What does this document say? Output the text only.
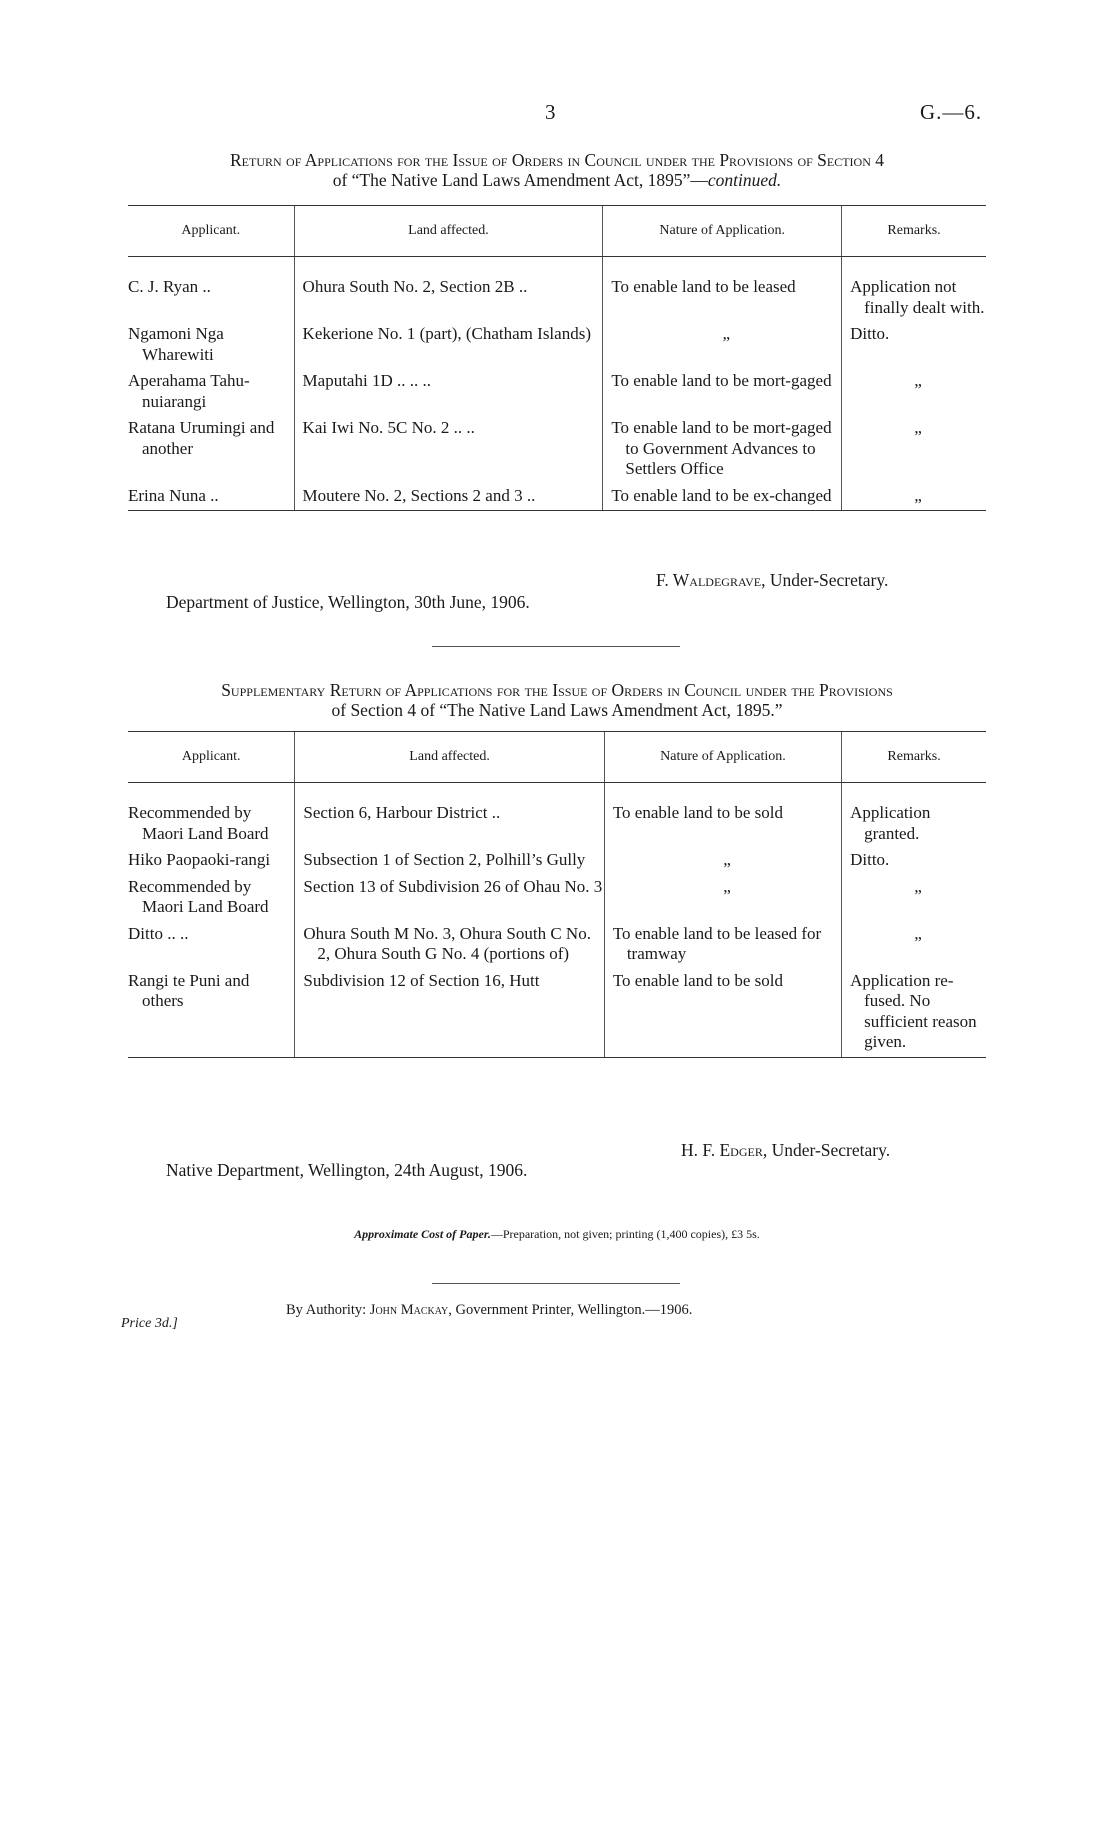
3	G.—6.
Return of Applications for the Issue of Orders in Council under the Provisions of Section 4
of “The Native Land Laws Amendment Act, 1895”—continued.
Applicant.	Land affected.	Nature of Application.	Remarks.

C. J. Ryan ..	Ohura South No. 2, Section 2B ..	To enable land to be leased	Application not finally dealt with.

Ngamoni Nga Wharewiti	Kekerione No. 1 (part), (Chatham Islands)	„	Ditto.

Aperahama Tahu-nuiarangi	Maputahi 1D .. .. ..	To enable land to be mort-gaged	„

Ratana Urumingi and another	Kai Iwi No. 5C No. 2 .. ..	To enable land to be mort-gaged to Government Advances to Settlers Office	„

Erina Nuna ..	Moutere No. 2, Sections 2 and 3 ..	To enable land to be ex-changed	„
F. Waldegrave, Under-Secretary.
Department of Justice, Wellington, 30th June, 1906.
Supplementary Return of Applications for the Issue of Orders in Council under the Provisions
of Section 4 of “The Native Land Laws Amendment Act, 1895.”
Applicant.	Land affected.	Nature of Application.	Remarks.

Recommended by Maori Land Board	Section 6, Harbour District ..	To enable land to be sold	Application granted.

Hiko Paopaoki-rangi	Subsection 1 of Section 2, Polhill’s Gully	„	Ditto.

Recommended by Maori Land Board	Section 13 of Subdivision 26 of Ohau No. 3	„	„

Ditto .. ..	Ohura South M No. 3, Ohura South C No. 2, Ohura South G No. 4 (portions of)	To enable land to be leased for tramway	„

Rangi te Puni and others	Subdivision 12 of Section 16, Hutt	To enable land to be sold	Application re-fused. No sufficient reason given.
H. F. Edger, Under-Secretary.
Native Department, Wellington, 24th August, 1906.
Approximate Cost of Paper.—Preparation, not given; printing (1,400 copies), £3 5s.
By Authority: John Mackay, Government Printer, Wellington.—1906.
Price 3d.]
